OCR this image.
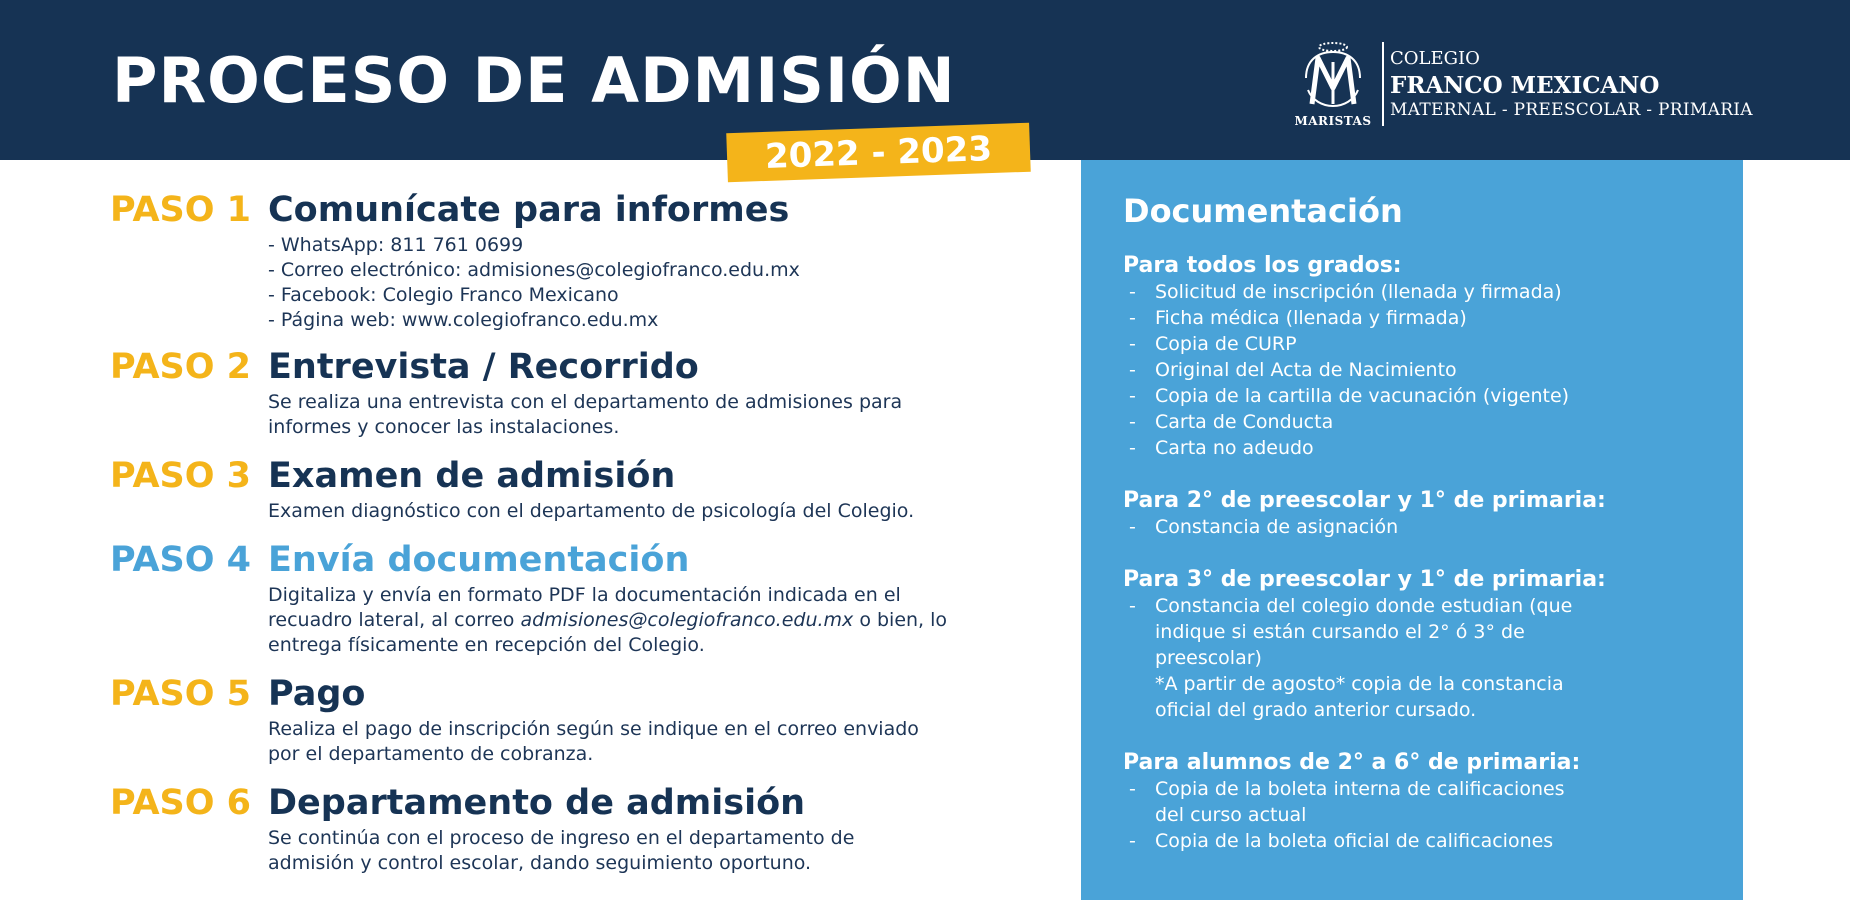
PROCESO DE ADMISIÓN
2022 - 2023
MARISTAS
COLEGIO
FRANCO MEXICANO
MATERNAL - PREESCOLAR - PRIMARIA
PASO 1 Comunícate para informes
- WhatsApp: 811 761 0699
- Correo electrónico: admisiones@colegiofranco.edu.mx
- Facebook: Colegio Franco Mexicano
- Página web: www.colegiofranco.edu.mx
PASO 2 Entrevista / Recorrido
Se realiza una entrevista con el departamento de admisiones para
informes y conocer las instalaciones.
PASO 3 Examen de admisión
Examen diagnóstico con el departamento de psicología del Colegio.
PASO 4 Envía documentación
Digitaliza y envía en formato PDF la documentación indicada en el
recuadro lateral, al correo admisiones@colegiofranco.edu.mx o bien, lo
entrega físicamente en recepción del Colegio.
PASO 5 Pago
Realiza el pago de inscripción según se indique en el correo enviado
por el departamento de cobranza.
PASO 6 Departamento de admisión
Se continúa con el proceso de ingreso en el departamento de
admisión y control escolar, dando seguimiento oportuno.
Documentación
Para todos los grados:
- Solicitud de inscripción (llenada y firmada)
- Ficha médica (llenada y firmada)
- Copia de CURP
- Original del Acta de Nacimiento
- Copia de la cartilla de vacunación (vigente)
- Carta de Conducta
- Carta no adeudo
Para 2° de preescolar y 1° de primaria:
- Constancia de asignación
Para 3° de preescolar y 1° de primaria:
- Constancia del colegio donde estudian (que
indique si están cursando el 2° ó 3° de
preescolar)
*A partir de agosto* copia de la constancia
oficial del grado anterior cursado.
Para alumnos de 2° a 6° de primaria:
- Copia de la boleta interna de calificaciones
del curso actual
- Copia de la boleta oficial de calificaciones
